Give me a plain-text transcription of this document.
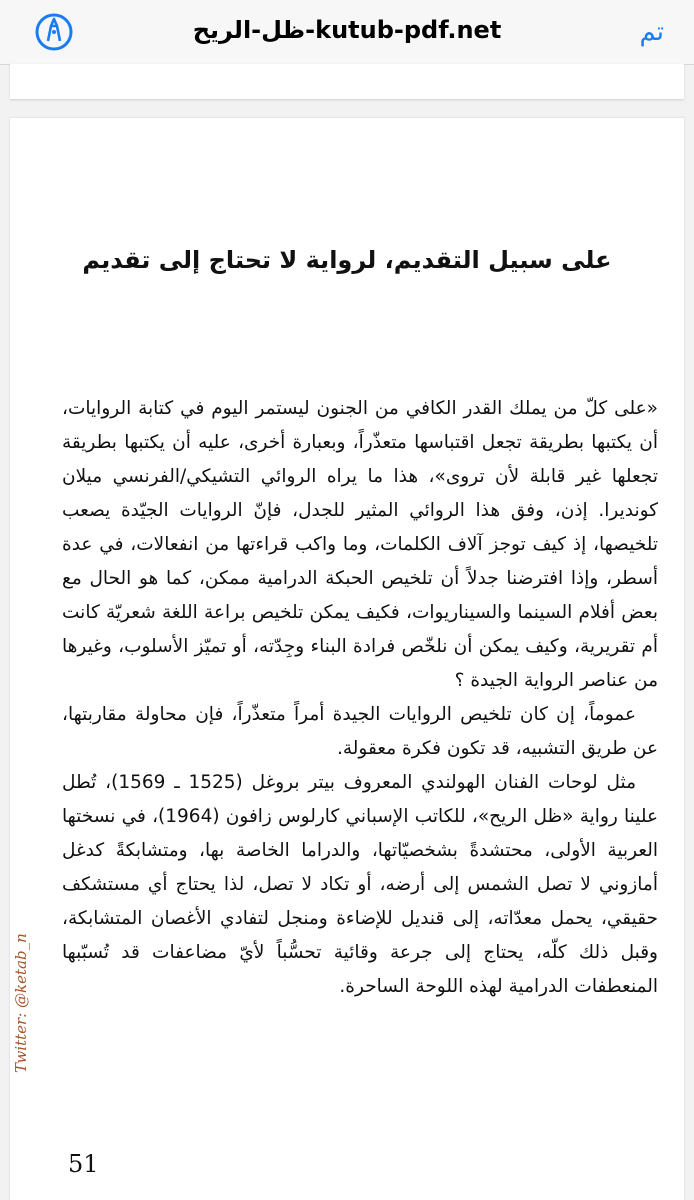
ظل-الريح-kutub-pdf.net	تم
على سبيل التقديم، لرواية لا تحتاج إلى تقديم

«على كلّ من يملك القدر الكافي من الجنون ليستمر اليوم في كتابة الروايات، أن يكتبها بطريقة تجعل اقتباسها متعذّراً، وبعبارة أخرى، عليه أن يكتبها بطريقة تجعلها غير قابلة لأن تروى»، هذا ما يراه الروائي التشيكي/الفرنسي ميلان كونديرا. إذن، وفق هذا الروائي المثير للجدل، فإنّ الروايات الجيّدة يصعب تلخيصها، إذ كيف توجز آلاف الكلمات، وما واكب قراءتها من انفعالات، في عدة أسطر، وإذا افترضنا جدلاً أن تلخيص الحبكة الدرامية ممكن، كما هو الحال مع بعض أفلام السينما والسيناريوات، فكيف يمكن تلخيص براعة اللغة شعريّة كانت أم تقريرية، وكيف يمكن أن نلخّص فرادة البناء وجِدّته، أو تميّز الأسلوب، وغيرها من عناصر الرواية الجيدة ؟

عموماً، إن كان تلخيص الروايات الجيدة أمراً متعذّراً، فإن محاولة مقاربتها، عن طريق التشبيه، قد تكون فكرة معقولة.

مثل لوحات الفنان الهولندي المعروف بيتر بروغل (1525 ـ 1569)، تُطل علينا رواية «ظل الريح»، للكاتب الإسباني كارلوس زافون (1964)، في نسختها العربية الأولى، محتشدةً بشخصيّاتها، والدراما الخاصة بها، ومتشابكةً كدغل أمازوني لا تصل الشمس إلى أرضه، أو تكاد لا تصل، لذا يحتاج أي مستشكف حقيقي، يحمل معدّاته، إلى قنديل للإضاءة ومنجل لتفادي الأغصان المتشابكة، وقبل ذلك كلّه، يحتاج إلى جرعة وقائية تحسُّباً لأيّ مضاعفات قد تُسبّبها المنعطفات الدرامية لهذه اللوحة الساحرة.

Twitter: @ketab_n
51
